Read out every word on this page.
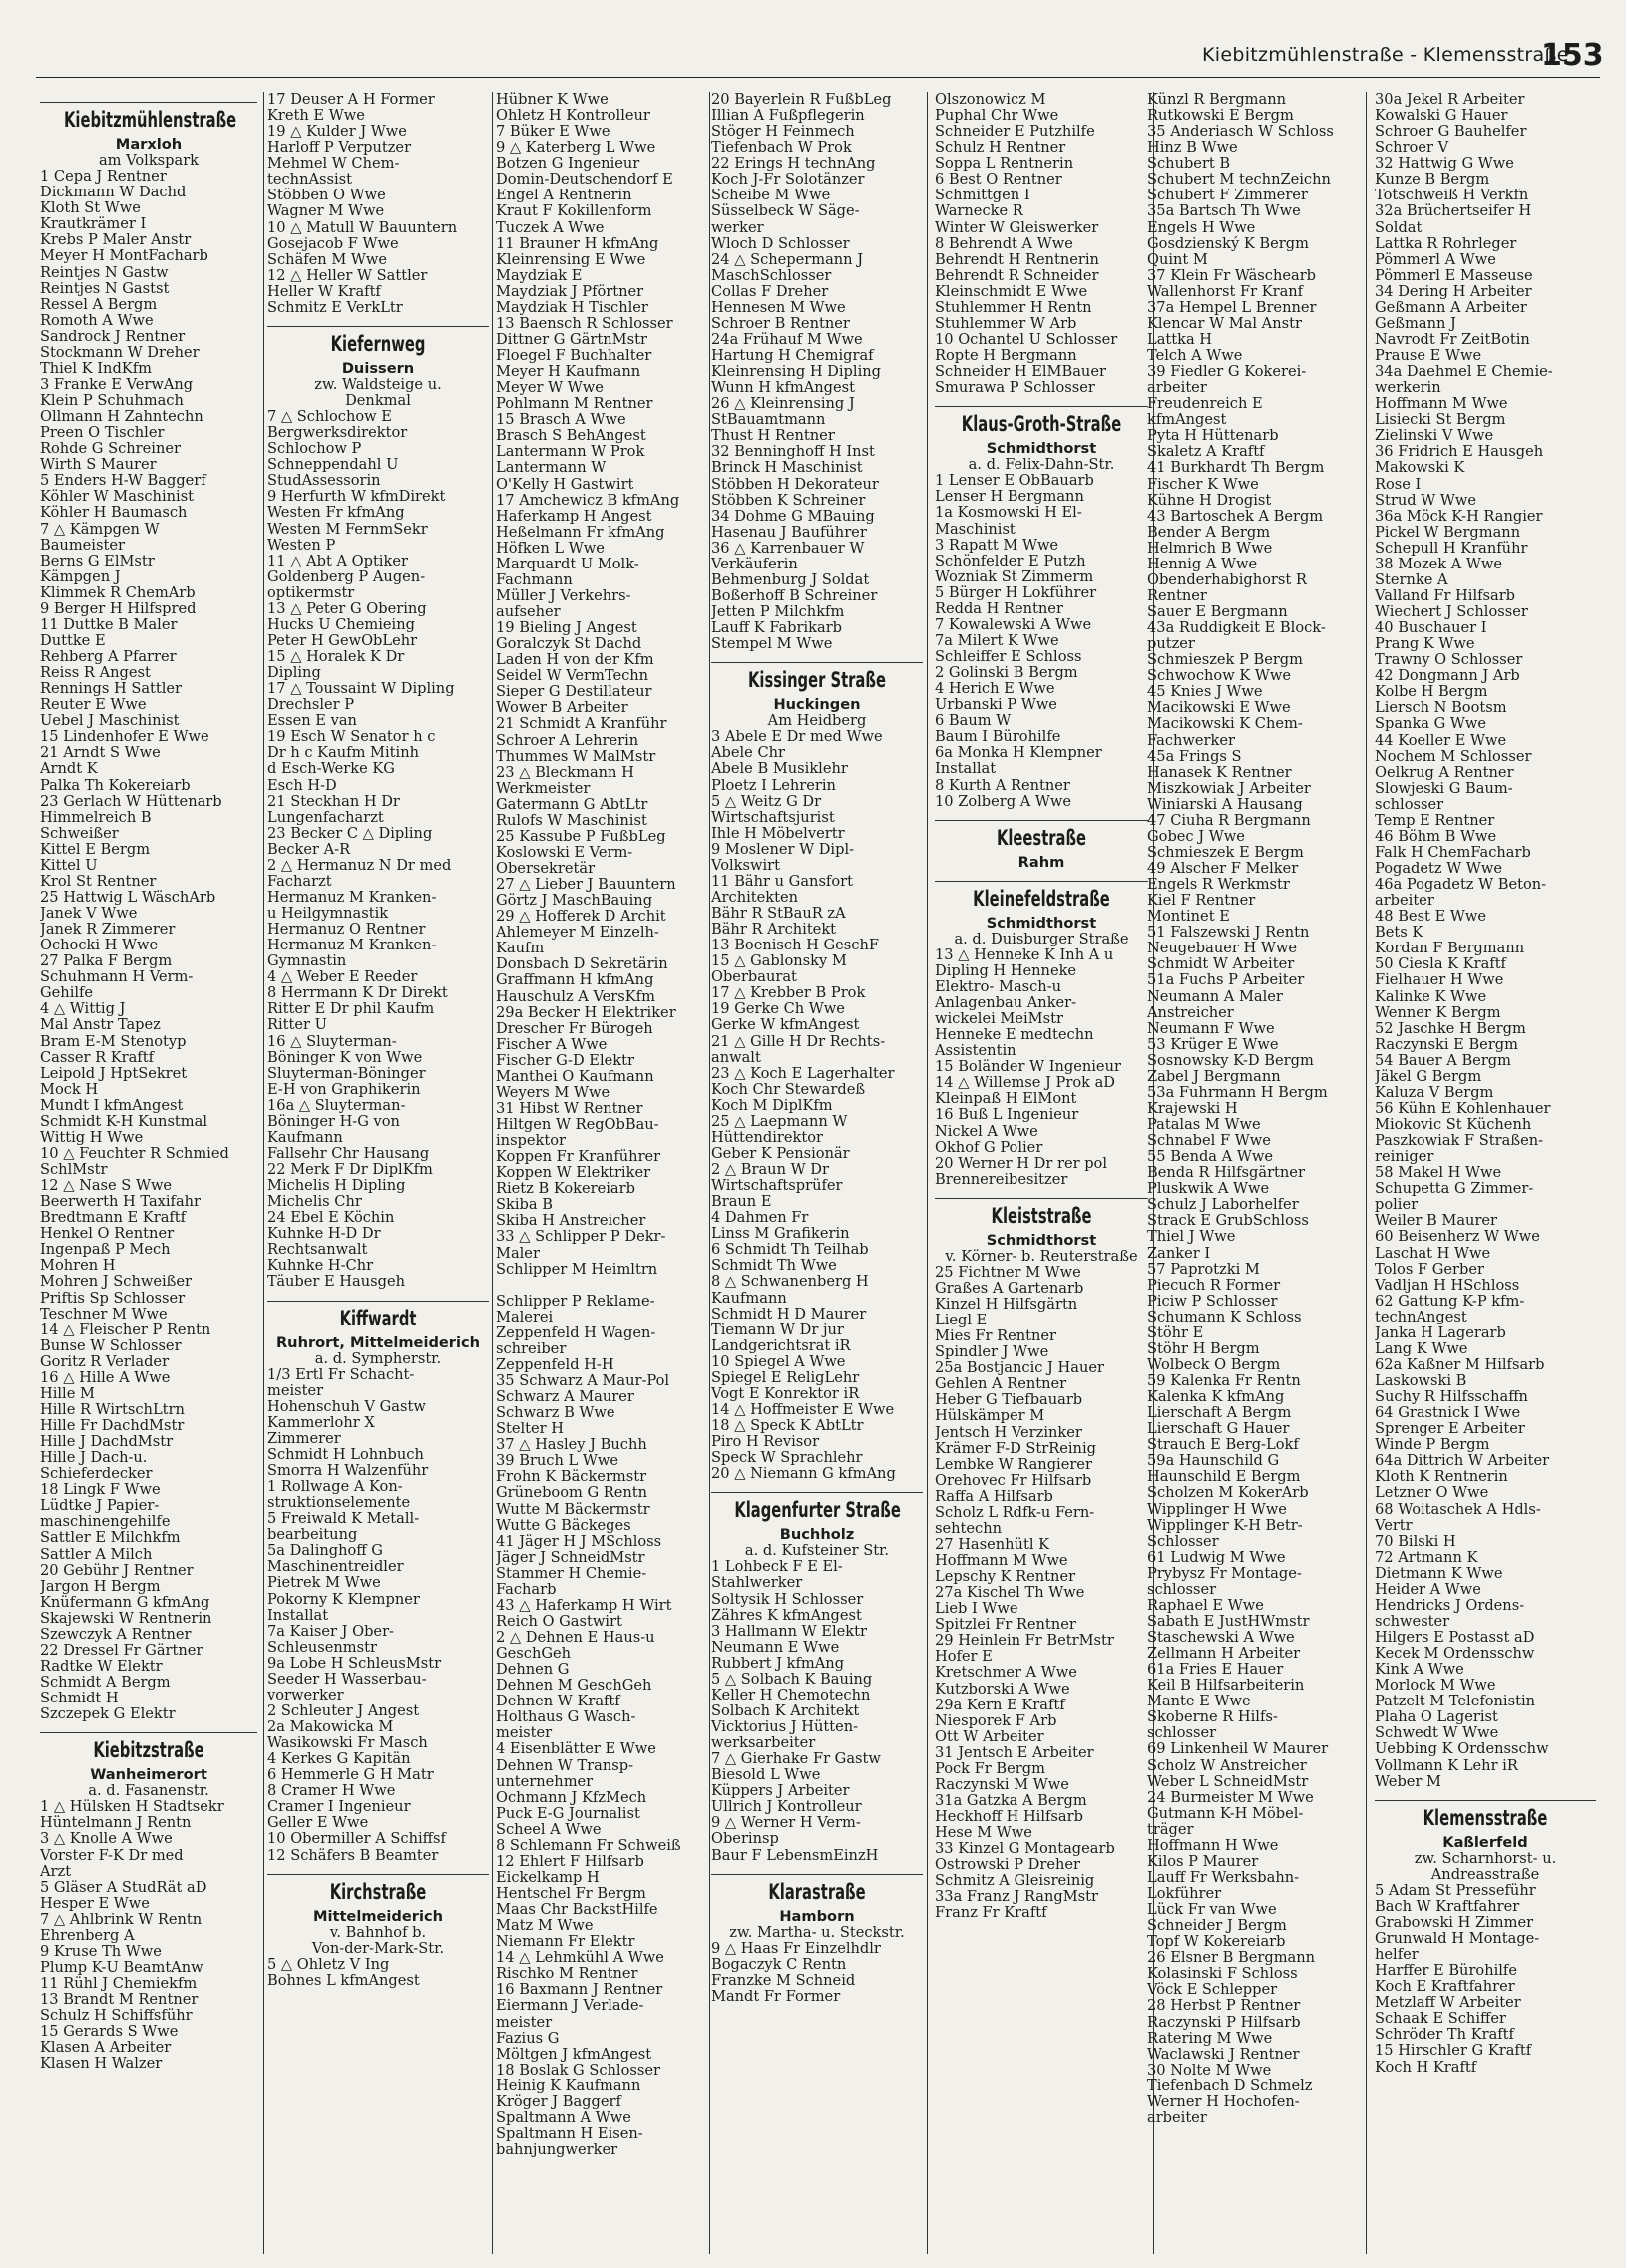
Kiebitzmühlenstraße - Klemensstraße
153
Kiebitzmühlenstraße
Marxloh
am Volkspark
1 Cepa J Rentner
Dickmann W Dachd
Kloth St Wwe
Krautkrämer I
Krebs P Maler Anstr
Meyer H MontFacharb
Reintjes N Gastw
Reintjes N Gastst
Ressel A Bergm
Romoth A Wwe
Sandrock J Rentner
Stockmann W Dreher
Thiel K IndKfm
3 Franke E VerwAng
Klein P Schuhmach
Ollmann H Zahntechn
Preen O Tischler
Rohde G Schreiner
Wirth S Maurer
5 Enders H-W Baggerf
Köhler W Maschinist
Köhler H Baumasch
7 △ Kämpgen W
Baumeister
Berns G ElMstr
Kämpgen J
Klimmek R ChemArb
9 Berger H Hilfspred
11 Duttke B Maler
Duttke E
Rehberg A Pfarrer
Reiss R Angest
Rennings H Sattler
Reuter E Wwe
Uebel J Maschinist
15 Lindenhofer E Wwe
21 Arndt S Wwe
Arndt K
Palka Th Kokereiarb
23 Gerlach W Hüttenarb
Himmelreich B
Schweißer
Kittel E Bergm
Kittel U
Krol St Rentner
25 Hattwig L WäschArb
Janek V Wwe
Janek R Zimmerer
Ochocki H Wwe
27 Palka F Bergm
Schuhmann H Verm-
Gehilfe
4 △ Wittig J
Mal Anstr Tapez
Bram E-M Stenotyp
Casser R Kraftf
Leipold J HptSekret
Mock H
Mundt I kfmAngest
Schmidt K-H Kunstmal
Wittig H Wwe
10 △ Feuchter R Schmied
SchlMstr
12 △ Nase S Wwe
Beerwerth H Taxifahr
Bredtmann E Kraftf
Henkel O Rentner
Ingenpaß P Mech
Mohren H
Mohren J Schweißer
Priftis Sp Schlosser
Teschner M Wwe
14 △ Fleischer P Rentn
Bunse W Schlosser
Goritz R Verlader
16 △ Hille A Wwe
Hille M
Hille R WirtschLtrn
Hille Fr DachdMstr
Hille J DachdMstr
Hille J Dach-u.
Schieferdecker
18 Lingk F Wwe
Lüdtke J Papier-
maschinengehilfe
Sattler E Milchkfm
Sattler A Milch
20 Gebühr J Rentner
Jargon H Bergm
Knüfermann G kfmAng
Skajewski W Rentnerin
Szewczyk A Rentner
22 Dressel Fr Gärtner
Radtke W Elektr
Schmidt A Bergm
Schmidt H
Szczepek G Elektr
Kiebitzstraße
Wanheimerort
a. d. Fasanenstr.
1 △ Hülsken H Stadtsekr
Hüntelmann J Rentn
3 △ Knolle A Wwe
Vorster F-K Dr med
Arzt
5 Gläser A StudRät aD
Hesper E Wwe
7 △ Ahlbrink W Rentn
Ehrenberg A
9 Kruse Th Wwe
Plump K-U BeamtAnw
11 Rühl J Chemiekfm
13 Brandt M Rentner
Schulz H Schiffsführ
15 Gerards S Wwe
Klasen A Arbeiter
Klasen H Walzer
17 Deuser A H Former
Kreth E Wwe
19 △ Kulder J Wwe
Harloff P Verputzer
Mehmel W Chem-
technAssist
Stöbben O Wwe
Wagner M Wwe
10 △ Matull W Bauuntern
Gosejacob F Wwe
Schäfen M Wwe
12 △ Heller W Sattler
Heller W Kraftf
Schmitz E VerkLtr
Kiefernweg
Duissern
zw. Waldsteige u.
Denkmal
7 △ Schlochow E
Bergwerksdirektor
Schlochow P
Schneppendahl U
StudAssessorin
9 Herfurth W kfmDirekt
Westen Fr kfmAng
Westen M FernmSekr
Westen P
11 △ Abt A Optiker
Goldenberg P Augen-
optikermstr
13 △ Peter G Obering
Hucks U Chemieing
Peter H GewObLehr
15 △ Horalek K Dr
Dipling
17 △ Toussaint W Dipling
Drechsler P
Essen E van
19 Esch W Senator h c
Dr h c Kaufm Mitinh
d Esch-Werke KG
Esch H-D
21 Steckhan H Dr
Lungenfacharzt
23 Becker C △ Dipling
Becker A-R
2 △ Hermanuz N Dr med
Facharzt
Hermanuz M Kranken-
u Heilgymnastik
Hermanuz O Rentner
Hermanuz M Kranken-
Gymnastin
4 △ Weber E Reeder
8 Herrmann K Dr Direkt
Ritter E Dr phil Kaufm
Ritter U
16 △ Sluyterman-
Böninger K von Wwe
Sluyterman-Böninger
E-H von Graphikerin
16a △ Sluyterman-
Böninger H-G von
Kaufmann
Fallsehr Chr Hausang
22 Merk F Dr DiplKfm
Michelis H Dipling
Michelis Chr
24 Ebel E Köchin
Kuhnke H-D Dr
Rechtsanwalt
Kuhnke H-Chr
Täuber E Hausgeh
Kiffwardt
Ruhrort, Mittelmeiderich
a. d. Sympherstr.
1/3 Ertl Fr Schacht-
meister
Hohenschuh V Gastw
Kammerlohr X
Zimmerer
Schmidt H Lohnbuch
Smorra H Walzenführ
1 Rollwage A Kon-
struktionselemente
5 Freiwald K Metall-
bearbeitung
5a Dalinghoff G
Maschinentreidler
Pietrek M Wwe
Pokorny K Klempner
Installat
7a Kaiser J Ober-
Schleusenmstr
9a Lobe H SchleusMstr
Seeder H Wasserbau-
vorwerker
2 Schleuter J Angest
2a Makowicka M
Wasikowski Fr Masch
4 Kerkes G Kapitän
6 Hemmerle G H Matr
8 Cramer H Wwe
Cramer I Ingenieur
Geller E Wwe
10 Obermiller A Schiffsf
12 Schäfers B Beamter
Kirchstraße
Mittelmeiderich
v. Bahnhof b.
Von-der-Mark-Str.
5 △ Ohletz V Ing
Bohnes L kfmAngest
Hübner K Wwe
Ohletz H Kontrolleur
7 Büker E Wwe
9 △ Katerberg L Wwe
Botzen G Ingenieur
Domin-Deutschendorf E
Engel A Rentnerin
Kraut F Kokillenform
Tuczek A Wwe
11 Brauner H kfmAng
Kleinrensing E Wwe
Maydziak E
Maydziak J Pförtner
Maydziak H Tischler
13 Baensch R Schlosser
Dittner G GärtnMstr
Floegel F Buchhalter
Meyer H Kaufmann
Meyer W Wwe
Pohlmann M Rentner
15 Brasch A Wwe
Brasch S BehAngest
Lantermann W Prok
Lantermann W
O'Kelly H Gastwirt
17 Amchewicz B kfmAng
Haferkamp H Angest
Heßelmann Fr kfmAng
Höfken L Wwe
Marquardt U Molk-
Fachmann
Müller J Verkehrs-
aufseher
19 Bieling J Angest
Goralczyk St Dachd
Laden H von der Kfm
Seidel W VermTechn
Sieper G Destillateur
Wower B Arbeiter
21 Schmidt A Kranführ
Schroer A Lehrerin
Thummes W MalMstr
23 △ Bleckmann H
Werkmeister
Gatermann G AbtLtr
Rulofs W Maschinist
25 Kassube P FußbLeg
Koslowski E Verm-
Obersekretär
27 △ Lieber J Bauuntern
Görtz J MaschBauing
29 △ Hofferek D Archit
Ahlemeyer M Einzelh-
Kaufm
Donsbach D Sekretärin
Graffmann H kfmAng
Hauschulz A VersKfm
29a Becker H Elektriker
Drescher Fr Bürogeh
Fischer A Wwe
Fischer G-D Elektr
Manthei O Kaufmann
Weyers M Wwe
31 Hibst W Rentner
Hiltgen W RegObBau-
inspektor
Koppen Fr Kranführer
Koppen W Elektriker
Rietz B Kokereiarb
Skiba B
Skiba H Anstreicher
33 △ Schlipper P Dekr-
Maler
Schlipper M Heimltrn

Schlipper P Reklame-
Malerei
Zeppenfeld H Wagen-
schreiber
Zeppenfeld H-H
35 Schwarz A Maur-Pol
Schwarz A Maurer
Schwarz B Wwe
Stelter H
37 △ Hasley J Buchh
39 Bruch L Wwe
Frohn K Bäckermstr
Grüneboom G Rentn
Wutte M Bäckermstr
Wutte G Bäckeges
41 Jäger H J MSchloss
Jäger J SchneidMstr
Stammer H Chemie-
Facharb
43 △ Haferkamp H Wirt
Reich O Gastwirt
2 △ Dehnen E Haus-u
GeschGeh
Dehnen G
Dehnen M GeschGeh
Dehnen W Kraftf
Holthaus G Wasch-
meister
4 Eisenblätter E Wwe
Dehnen W Transp-
unternehmer
Ochmann J KfzMech
Puck E-G Journalist
Scheel A Wwe
8 Schlemann Fr Schweiß
12 Ehlert F Hilfsarb
Eickelkamp H
Hentschel Fr Bergm
Maas Chr BackstHilfe
Matz M Wwe
Niemann Fr Elektr
14 △ Lehmkühl A Wwe
Rischko M Rentner
16 Baxmann J Rentner
Eiermann J Verlade-
meister
Fazius G
Möltgen J kfmAngest
18 Boslak G Schlosser
Heinig K Kaufmann
Kröger J Baggerf
Spaltmann A Wwe
Spaltmann H Eisen-
bahnjungwerker
20 Bayerlein R FußbLeg
Illian A Fußpflegerin
Stöger H Feinmech
Tiefenbach W Prok
22 Erings H technAng
Koch J-Fr Solotänzer
Scheibe M Wwe
Süsselbeck W Säge-
werker
Wloch D Schlosser
24 △ Schepermann J
MaschSchlosser
Collas F Dreher
Hennesen M Wwe
Schroer B Rentner
24a Frühauf M Wwe
Hartung H Chemigraf
Kleinrensing H Dipling
Wunn H kfmAngest
26 △ Kleinrensing J
StBauamtmann
Thust H Rentner
32 Benninghoff H Inst
Brinck H Maschinist
Stöbben H Dekorateur
Stöbben K Schreiner
34 Dohme G MBauing
Hasenau J Bauführer
36 △ Karrenbauer W
Verkäuferin
Behmenburg J Soldat
Boßerhoff B Schreiner
Jetten P Milchkfm
Lauff K Fabrikarb
Stempel M Wwe
Kissinger Straße
Huckingen
Am Heidberg
3 Abele E Dr med Wwe
Abele Chr
Abele B Musiklehr
Ploetz I Lehrerin
5 △ Weitz G Dr
Wirtschaftsjurist
Ihle H Möbelvertr
9 Moslener W Dipl-
Volkswirt
11 Bähr u Gansfort
Architekten
Bähr R StBauR zA
Bähr R Architekt
13 Boenisch H GeschF
15 △ Gablonsky M
Oberbaurat
17 △ Krebber B Prok
19 Gerke Ch Wwe
Gerke W kfmAngest
21 △ Gille H Dr Rechts-
anwalt
23 △ Koch E Lagerhalter
Koch Chr Stewardeß
Koch M DiplKfm
25 △ Laepmann W
Hüttendirektor
Geber K Pensionär
2 △ Braun W Dr
Wirtschaftsprüfer
Braun E
4 Dahmen Fr
Linss M Grafikerin
6 Schmidt Th Teilhab
Schmidt Th Wwe
8 △ Schwanenberg H
Kaufmann
Schmidt H D Maurer
Tiemann W Dr jur
Landgerichtsrat iR
10 Spiegel A Wwe
Spiegel E ReligLehr
Vogt E Konrektor iR
14 △ Hoffmeister E Wwe
18 △ Speck K AbtLtr
Piro H Revisor
Speck W Sprachlehr
20 △ Niemann G kfmAng
Klagenfurter Straße
Buchholz
a. d. Kufsteiner Str.
1 Lohbeck F E El-
Stahlwerker
Soltysik H Schlosser
Zähres K kfmAngest
3 Hallmann W Elektr
Neumann E Wwe
Rubbert J kfmAng
5 △ Solbach K Bauing
Keller H Chemotechn
Solbach K Architekt
Vicktorius J Hütten-
werksarbeiter
7 △ Gierhake Fr Gastw
Biesold L Wwe
Küppers J Arbeiter
Ullrich J Kontrolleur
9 △ Werner H Verm-
Oberinsp
Baur F LebensmEinzH
Klarastraße
Hamborn
zw. Martha- u. Steckstr.
9 △ Haas Fr Einzelhdlr
Bogaczyk C Rentn
Franzke M Schneid
Mandt Fr Former
Olszonowicz M
Puphal Chr Wwe
Schneider E Putzhilfe
Schulz H Rentner
Soppa L Rentnerin
6 Best O Rentner
Schmittgen I
Warnecke R
Winter W Gleiswerker
8 Behrendt A Wwe
Behrendt H Rentnerin
Behrendt R Schneider
Kleinschmidt E Wwe
Stuhlemmer H Rentn
Stuhlemmer W Arb
10 Ochantel U Schlosser
Ropte H Bergmann
Schneider H ElMBauer
Smurawa P Schlosser
Klaus-Groth-Straße
Schmidthorst
a. d. Felix-Dahn-Str.
1 Lenser E ObBauarb
Lenser H Bergmann
1a Kosmowski H El-
Maschinist
3 Rapatt M Wwe
Schönfelder E Putzh
Wozniak St Zimmerm
5 Bürger H Lokführer
Redda H Rentner
7 Kowalewski A Wwe
7a Milert K Wwe
Schleiffer E Schloss
2 Golinski B Bergm
4 Herich E Wwe
Urbanski P Wwe
6 Baum W
Baum I Bürohilfe
6a Monka H Klempner
Installat
8 Kurth A Rentner
10 Zolberg A Wwe
Kleestraße
Rahm
Kleinefeldstraße
Schmidthorst
a. d. Duisburger Straße
13 △ Henneke K Inh A u
Dipling H Henneke
Elektro- Masch-u
Anlagenbau Anker-
wickelei MeiMstr
Henneke E medtechn
Assistentin
15 Boländer W Ingenieur
14 △ Willemse J Prok aD
Kleinpaß H ElMont
16 Buß L Ingenieur
Nickel A Wwe
Okhof G Polier
20 Werner H Dr rer pol
Brennereibesitzer
Kleiststraße
Schmidthorst
v. Körner- b. Reuterstraße
25 Fichtner M Wwe
Graßes A Gartenarb
Kinzel H Hilfsgärtn
Liegl E
Mies Fr Rentner
Spindler J Wwe
25a Bostjancic J Hauer
Gehlen A Rentner
Heber G Tiefbauarb
Hülskämper M
Jentsch H Verzinker
Krämer F-D StrReinig
Lembke W Rangierer
Orehovec Fr Hilfsarb
Raffa A Hilfsarb
Scholz L Rdfk-u Fern-
sehtechn
27 Hasenhütl K
Hoffmann M Wwe
Lepschy K Rentner
27a Kischel Th Wwe
Lieb I Wwe
Spitzlei Fr Rentner
29 Heinlein Fr BetrMstr
Hofer E
Kretschmer A Wwe
Kutzborski A Wwe
29a Kern E Kraftf
Niesporek F Arb
Ott W Arbeiter
31 Jentsch E Arbeiter
Pock Fr Bergm
Raczynski M Wwe
31a Gatzka A Bergm
Heckhoff H Hilfsarb
Hese M Wwe
33 Kinzel G Montagearb
Ostrowski P Dreher
Schmitz A Gleisreinig
33a Franz J RangMstr
Franz Fr Kraftf
Künzl R Bergmann
Rutkowski E Bergm
35 Anderiasch W Schloss
Hinz B Wwe
Schubert B
Schubert M technZeichn
Schubert F Zimmerer
35a Bartsch Th Wwe
Engels H Wwe
Gosdzienský K Bergm
Quint M
37 Klein Fr Wäschearb
Wallenhorst Fr Kranf
37a Hempel L Brenner
Klencar W Mal Anstr
Lattka H
Telch A Wwe
39 Fiedler G Kokerei-
arbeiter
Freudenreich E
kfmAngest
Pyta H Hüttenarb
Skaletz A Kraftf
41 Burkhardt Th Bergm
Fischer K Wwe
Kühne H Drogist
43 Bartoschek A Bergm
Bender A Bergm
Helmrich B Wwe
Hennig A Wwe
Obenderhabighorst R
Rentner
Sauer E Bergmann
43a Ruddigkeit E Block-
putzer
Schmieszek P Bergm
Schwochow K Wwe
45 Knies J Wwe
Macikowski E Wwe
Macikowski K Chem-
Fachwerker
45a Frings S
Hanasek K Rentner
Miszkowiak J Arbeiter
Winiarski A Hausang
47 Ciuha R Bergmann
Gobec J Wwe
Schmieszek E Bergm
49 Alscher F Melker
Engels R Werkmstr
Kiel F Rentner
Montinet E
51 Falszewski J Rentn
Neugebauer H Wwe
Schmidt W Arbeiter
51a Fuchs P Arbeiter
Neumann A Maler
Anstreicher
Neumann F Wwe
53 Krüger E Wwe
Sosnowsky K-D Bergm
Zabel J Bergmann
53a Fuhrmann H Bergm
Krajewski H
Patalas M Wwe
Schnabel F Wwe
55 Benda A Wwe
Benda R Hilfsgärtner
Pluskwik A Wwe
Schulz J Laborhelfer
Strack E GrubSchloss
Thiel J Wwe
Zanker I
57 Paprotzki M
Piecuch R Former
Piciw P Schlosser
Schumann K Schloss
Stöhr E
Stöhr H Bergm
Wolbeck O Bergm
59 Kalenka Fr Rentn
Kalenka K kfmAng
Lierschaft A Bergm
Lierschaft G Hauer
Strauch E Berg-Lokf
59a Haunschild G
Haunschild E Bergm
Scholzen M KokerArb
Wipplinger H Wwe
Wipplinger K-H Betr-
Schlosser
61 Ludwig M Wwe
Prybysz Fr Montage-
schlosser
Raphael E Wwe
Sabath E JustHWmstr
Staschewski A Wwe
Zellmann H Arbeiter
61a Fries E Hauer
Keil B Hilfsarbeiterin
Mante E Wwe
Skoberne R Hilfs-
schlosser
69 Linkenheil W Maurer
Scholz W Anstreicher
Weber L SchneidMstr
24 Burmeister M Wwe
Gutmann K-H Möbel-
träger
Hoffmann H Wwe
Kilos P Maurer
Lauff Fr Werksbahn-
Lokführer
Lück Fr van Wwe
Schneider J Bergm
Topf W Kokereiarb
26 Elsner B Bergmann
Kolasinski F Schloss
Vöck E Schlepper
28 Herbst P Rentner
Raczynski P Hilfsarb
Ratering M Wwe
Waclawski J Rentner
30 Nolte M Wwe
Tiefenbach D Schmelz
Werner H Hochofen-
arbeiter
30a Jekel R Arbeiter
Kowalski G Hauer
Schroer G Bauhelfer
Schroer V
32 Hattwig G Wwe
Kunze B Bergm
Totschweiß H Verkfn
32a Brüchertseifer H
Soldat
Lattka R Rohrleger
Pömmerl A Wwe
Pömmerl E Masseuse
34 Dering H Arbeiter
Geßmann A Arbeiter
Geßmann J
Navrodt Fr ZeitBotin
Prause E Wwe
34a Daehmel E Chemie-
werkerin
Hoffmann M Wwe
Lisiecki St Bergm
Zielinski V Wwe
36 Fridrich E Hausgeh
Makowski K
Rose I
Strud W Wwe
36a Möck K-H Rangier
Pickel W Bergmann
Schepull H Kranführ
38 Mozek A Wwe
Sternke A
Valland Fr Hilfsarb
Wiechert J Schlosser
40 Buschauer I
Prang K Wwe
Trawny O Schlosser
42 Dongmann J Arb
Kolbe H Bergm
Liersch N Bootsm
Spanka G Wwe
44 Koeller E Wwe
Nochem M Schlosser
Oelkrug A Rentner
Slowjeski G Baum-
schlosser
Temp E Rentner
46 Böhm B Wwe
Falk H ChemFacharb
Pogadetz W Wwe
46a Pogadetz W Beton-
arbeiter
48 Best E Wwe
Bets K
Kordan F Bergmann
50 Ciesla K Kraftf
Fielhauer H Wwe
Kalinke K Wwe
Wenner K Bergm
52 Jaschke H Bergm
Raczynski E Bergm
54 Bauer A Bergm
Jäkel G Bergm
Kaluza V Bergm
56 Kühn E Kohlenhauer
Miokovic St Küchenh
Paszkowiak F Straßen-
reiniger
58 Makel H Wwe
Schupetta G Zimmer-
polier
Weiler B Maurer
60 Beisenherz W Wwe
Laschat H Wwe
Tolos F Gerber
Vadljan H HSchloss
62 Gattung K-P kfm-
technAngest
Janka H Lagerarb
Lang K Wwe
62a Kaßner M Hilfsarb
Laskowski B
Suchy R Hilfsschaffn
64 Grastnick I Wwe
Sprenger E Arbeiter
Winde P Bergm
64a Dittrich W Arbeiter
Kloth K Rentnerin
Letzner O Wwe
68 Woitaschek A Hdls-
Vertr
70 Bilski H
72 Artmann K
Dietmann K Wwe
Heider A Wwe
Hendricks J Ordens-
schwester
Hilgers E Postasst aD
Kecek M Ordensschw
Kink A Wwe
Morlock M Wwe
Patzelt M Telefonistin
Plaha O Lagerist
Schwedt W Wwe
Uebbing K Ordensschw
Vollmann K Lehr iR
Weber M
Klemensstraße
Kaßlerfeld
zw. Scharnhorst- u.
Andreasstraße
5 Adam St Presseführ
Bach W Kraftfahrer
Grabowski H Zimmer
Grunwald H Montage-
helfer
Harffer E Bürohilfe
Koch E Kraftfahrer
Metzlaff W Arbeiter
Schaak E Schiffer
Schröder Th Kraftf
15 Hirschler G Kraftf
Koch H Kraftf
